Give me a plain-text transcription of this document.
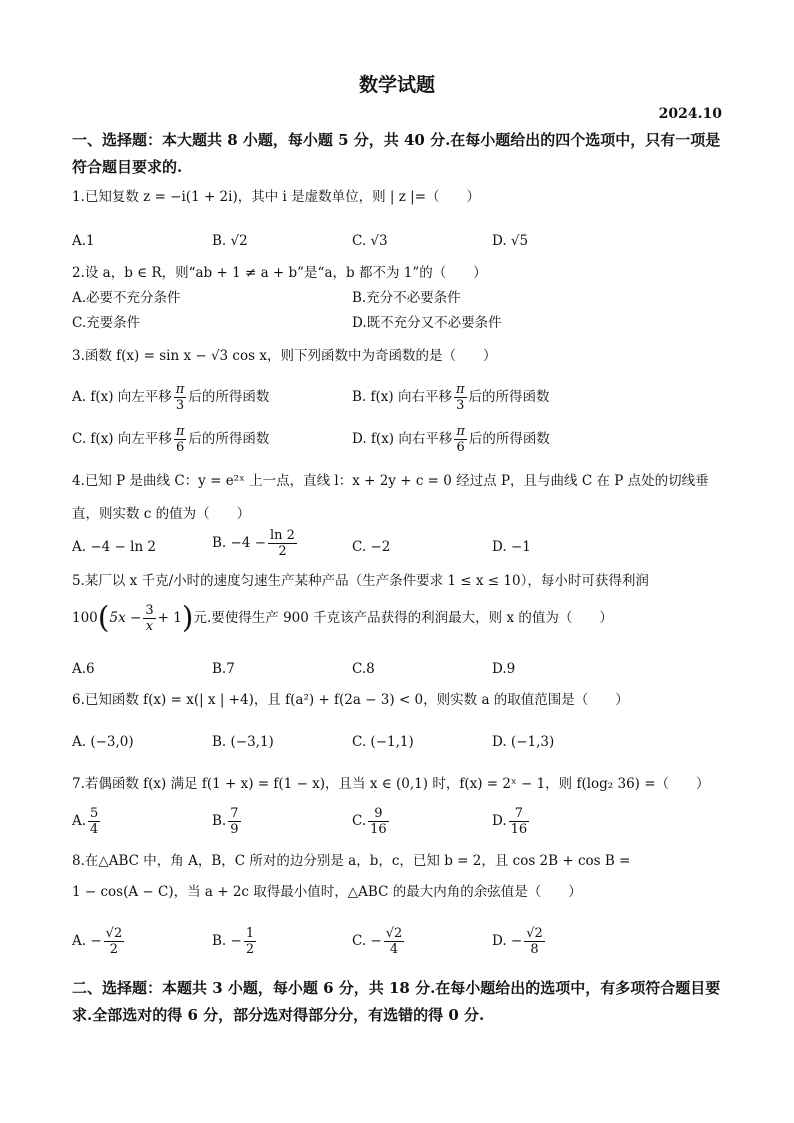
数学试题
2024.10
一、选择题：本大题共 8 小题，每小题 5 分，共 40 分.在每小题给出的四个选项中，只有一项是符合题目要求的.
1.已知复数 z = −i(1 + 2i)，其中 i 是虚数单位，则 | z |=（　　）
A.1	B. √2	C. √3	D. √5
2.设 a，b ∈ R，则“ab + 1 ≠ a + b”是“a，b 都不为 1”的（　　）
A.必要不充分条件	B.充分不必要条件
C.充要条件	D.既不充分又不必要条件
3.函数 f(x) = sin x − √3 cos x，则下列函数中为奇函数的是（　　）
A. f(x) 向左平移 $\frac{\pi}{3}$ 后的所得函数	B. f(x) 向右平移 $\frac{\pi}{3}$ 后的所得函数
C. f(x) 向左平移 $\frac{\pi}{6}$ 后的所得函数	D. f(x) 向右平移 $\frac{\pi}{6}$ 后的所得函数
4.已知 P 是曲线 C：y = e²ˣ 上一点，直线 l：x + 2y + c = 0 经过点 P，且与曲线 C 在 P 点处的切线垂
直，则实数 c 的值为（　　）
A. −4 − ln 2	B. $-4 - \frac{\ln 2}{2}$	C. −2	D. −1
5.某厂以 x 千克/小时的速度匀速生产某种产品（生产条件要求 1 ≤ x ≤ 10），每小时可获得利润
$100(5x - \frac{3}{x} + 1)$元.要使得生产 900 千克该产品获得的利润最大，则 x 的值为（　　）
A.6	B.7	C.8	D.9
6.已知函数 f(x) = x(| x | +4)，且 f(a²) + f(2a − 3) < 0，则实数 a 的取值范围是（　　）
A. (−3,0)	B. (−3,1)	C. (−1,1)	D. (−1,3)
7.若偶函数 f(x) 满足 f(1 + x) = f(1 − x)，且当 x ∈ (0,1) 时，f(x) = 2ˣ − 1，则 f(log₂ 36) =（　　）
A. $\frac{5}{4}$	B. $\frac{7}{9}$	C. $\frac{9}{16}$	D. $\frac{7}{16}$
8.在△ABC 中，角 A，B，C 所对的边分别是 a，b，c，已知 b = 2，且 cos 2B + cos B =
1 − cos(A − C)，当 a + 2c 取得最小值时，△ABC 的最大内角的余弦值是（　　）
A. − $\frac{√2}{2}$	B. − $\frac{1}{2}$	C. − $\frac{√2}{4}$	D. − $\frac{√2}{8}$
二、选择题：本题共 3 小题，每小题 6 分，共 18 分.在每小题给出的选项中，有多项符合题目要求.全部选对的得 6 分，部分选对得部分分，有选错的得 0 分.
